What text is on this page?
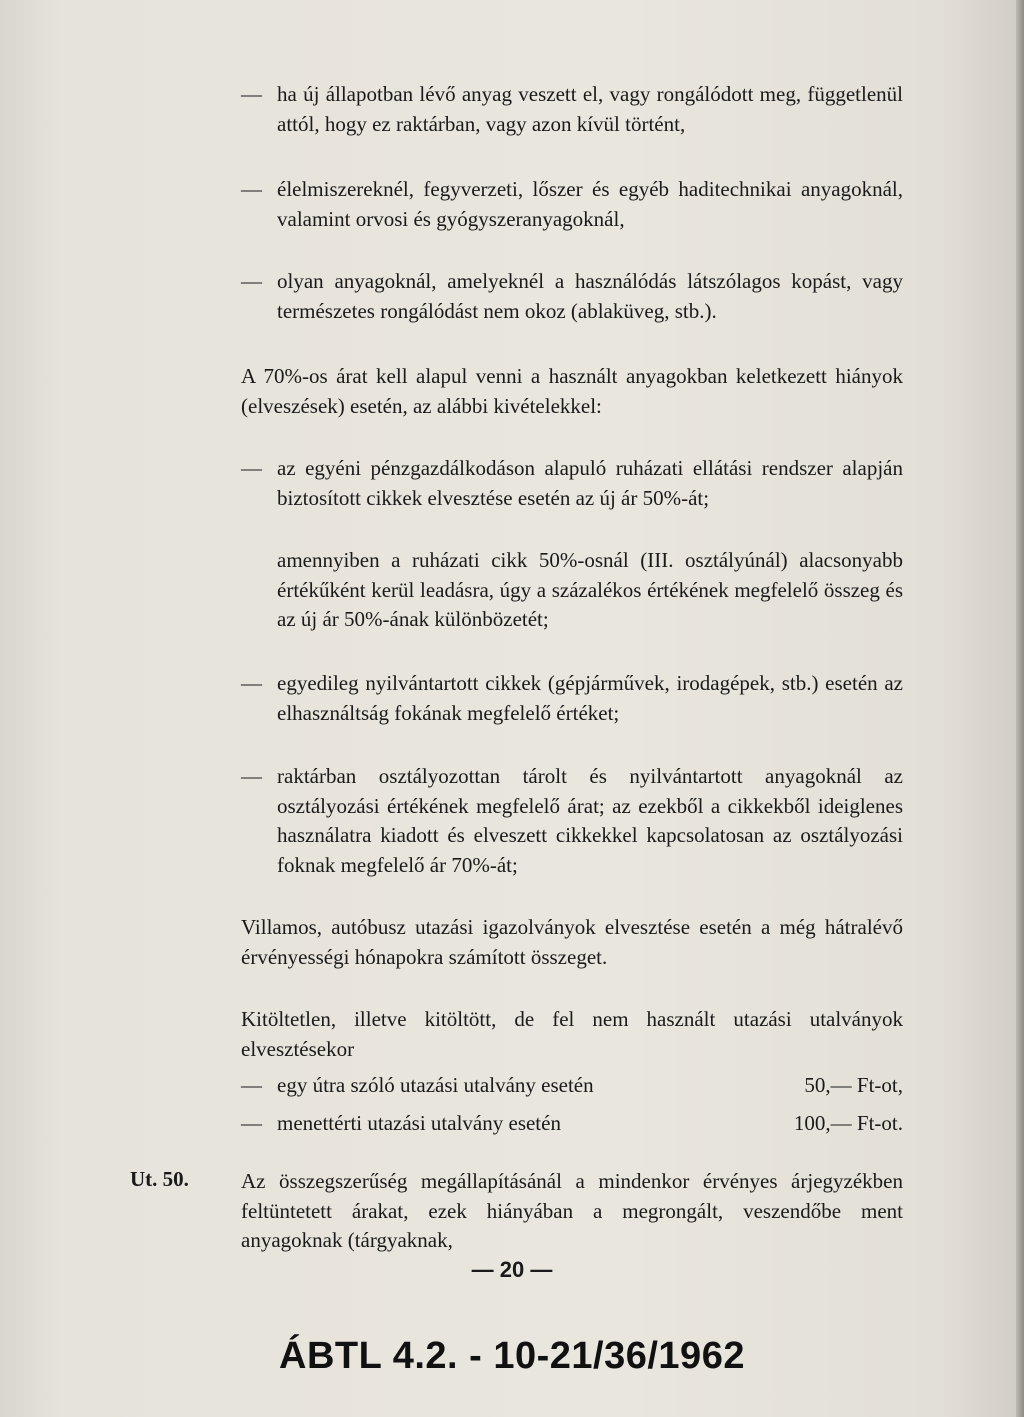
— ha új állapotban lévő anyag veszett el, vagy rongálódott meg, függetlenül attól, hogy ez raktárban, vagy azon kívül történt,

— élelmiszereknél, fegyverzeti, lőszer és egyéb haditechnikai anyagoknál, valamint orvosi és gyógyszeranyagoknál,

— olyan anyagoknál, amelyeknél a használódás látszólagos kopást, vagy természetes rongálódást nem okoz (ablaküveg, stb.).

A 70%-os árat kell alapul venni a használt anyagokban keletkezett hiányok (elveszések) esetén, az alábbi kivételekkel:

— az egyéni pénzgazdálkodáson alapuló ruházati ellátási rendszer alapján biztosított cikkek elvesztése esetén az új ár 50%-át;

amennyiben a ruházati cikk 50%-osnál (III. osztályúnál) alacsonyabb értékűként kerül leadásra, úgy a százalékos értékének megfelelő összeg és az új ár 50%-ának különbözetét;

— egyedileg nyilvántartott cikkek (gépjárművek, irodagépek, stb.) esetén az elhasználtság fokának megfelelő értéket;

— raktárban osztályozottan tárolt és nyilvántartott anyagoknál az osztályozási értékének megfelelő árat; az ezekből a cikkekből ideiglenes használatra kiadott és elveszett cikkekkel kapcsolatosan az osztályozási foknak megfelelő ár 70%-át;

Villamos, autóbusz utazási igazolványok elvesztése esetén a még hátralévő érvényességi hónapokra számított összeget.

Kitöltetlen, illetve kitöltött, de fel nem használt utazási utalványok elvesztésekor

— egy útra szóló utazási utalvány esetén	50,— Ft-ot,
— menettérti utazási utalvány esetén	100,— Ft-ot.

Az összegszerűség megállapításánál a mindenkor érvényes árjegyzékben feltüntetett árakat, ezek hiányában a megrongált, veszendőbe ment anyagoknak (tárgyaknak,

Ut. 50.
— 20 —
ÁBTL 4.2. - 10-21/36/1962
